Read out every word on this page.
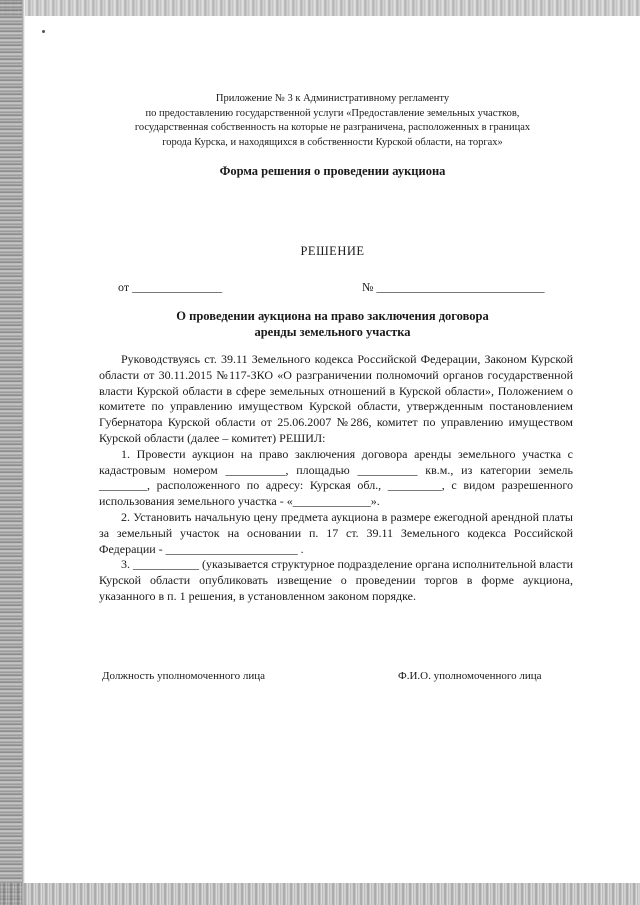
Приложение № 3 к Административному регламенту
по предоставлению государственной услуги «Предоставление земельных участков,
государственная собственность на которые не разграничена, расположенных в границах
города Курска, и находящихся в собственности Курской области, на торгах»
Форма решения о проведении аукциона
РЕШЕНИЕ
от _______________	№ ____________________________
О проведении аукциона на право заключения договора
аренды земельного участка

Руководствуясь ст. 39.11 Земельного кодекса Российской Федерации, Законом Курской области от 30.11.2015 №117-ЗКО «О разграничении полномочий органов государственной власти Курской области в сфере земельных отношений в Курской области», Положением о комитете по управлению имуществом Курской области, утвержденным постановлением Губернатора Курской области от 25.06.2007 №286, комитет по управлению имуществом Курской области (далее – комитет) РЕШИЛ:

1. Провести аукцион на право заключения договора аренды земельного участка с кадастровым номером __________, площадью __________ кв.м., из категории земель ________, расположенного по адресу: Курская обл., _________, с видом разрешенного использования земельного участка - «_____________».

2. Установить начальную цену предмета аукциона в размере ежегодной арендной платы за земельный участок на основании п. 17 ст. 39.11 Земельного кодекса Российской Федерации - ______________________ .

3. ___________ (указывается структурное подразделение органа исполнительной власти Курской области опубликовать извещение о проведении торгов в форме аукциона, указанного в п. 1 решения, в установленном законом порядке.

Должность уполномоченного лица	Ф.И.О. уполномоченного лица
